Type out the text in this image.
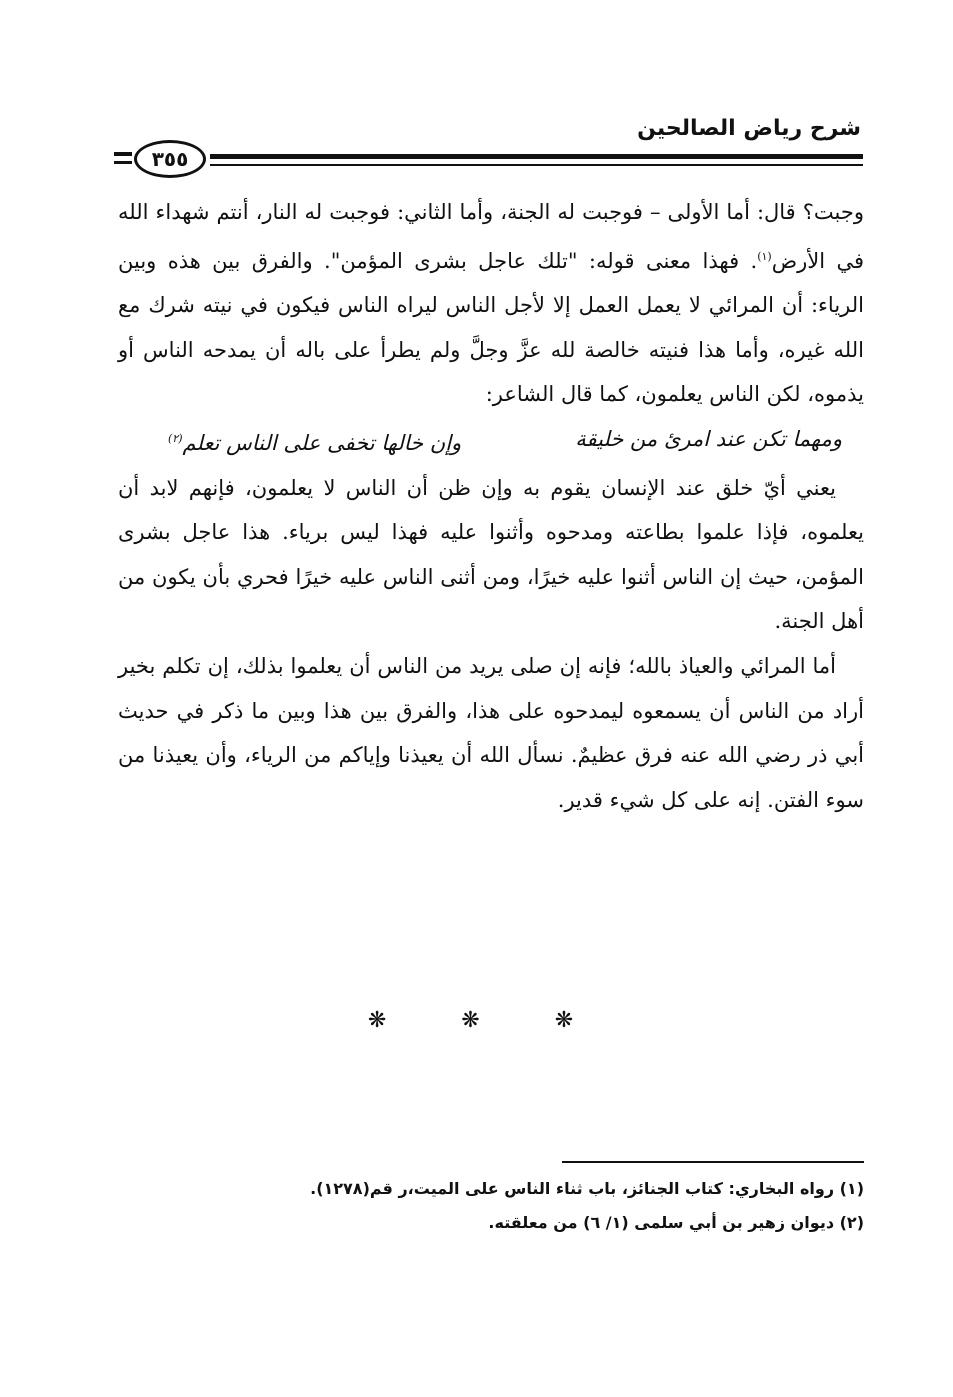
شرح رياض الصالحين
٣٥٥

وجبت؟ قال: أما الأولى – فوجبت له الجنة، وأما الثاني: فوجبت له النار، أنتم شهداء الله في الأرض$^{(١)}$. فهذا معنى قوله: "تلك عاجل بشرى المؤمن". والفرق بين هذه وبين الرياء: أن المرائي لا يعمل العمل إلا لأجل الناس ليراه الناس فيكون في نيته شرك مع الله غيره، وأما هذا فنيته خالصة لله عزَّ وجلَّ ولم يطرأ على باله أن يمدحه الناس أو يذموه، لكن الناس يعلمون، كما قال الشاعر:

ومهما تكن عند امرئ من خليقة
وإن خالها تخفى على الناس تعلم$^{(٢)}$

يعني أيّ خلق عند الإنسان يقوم به وإن ظن أن الناس لا يعلمون، فإنهم لابد أن يعلموه، فإذا علموا بطاعته ومدحوه وأثنوا عليه فهذا ليس برياء. هذا عاجل بشرى المؤمن، حيث إن الناس أثنوا عليه خيرًا، ومن أثنى الناس عليه خيرًا فحري بأن يكون من أهل الجنة.

أما المرائي والعياذ بالله؛ فإنه إن صلى يريد من الناس أن يعلموا بذلك، إن تكلم بخير أراد من الناس أن يسمعوه ليمدحوه على هذا، والفرق بين هذا وبين ما ذكر في حديث أبي ذر رضي الله عنه فرق عظيمٌ. نسأل الله أن يعيذنا وإياكم من الرياء، وأن يعيذنا من سوء الفتن. إنه على كل شيء قدير.

❋ ❋ ❋
(١) رواه البخاري: كتاب الجنائز، باب ثناء الناس على الميت،ر قم(١٢٧٨).
(٢) ديوان زهير بن أبي سلمى (١/ ٦) من معلقته.
